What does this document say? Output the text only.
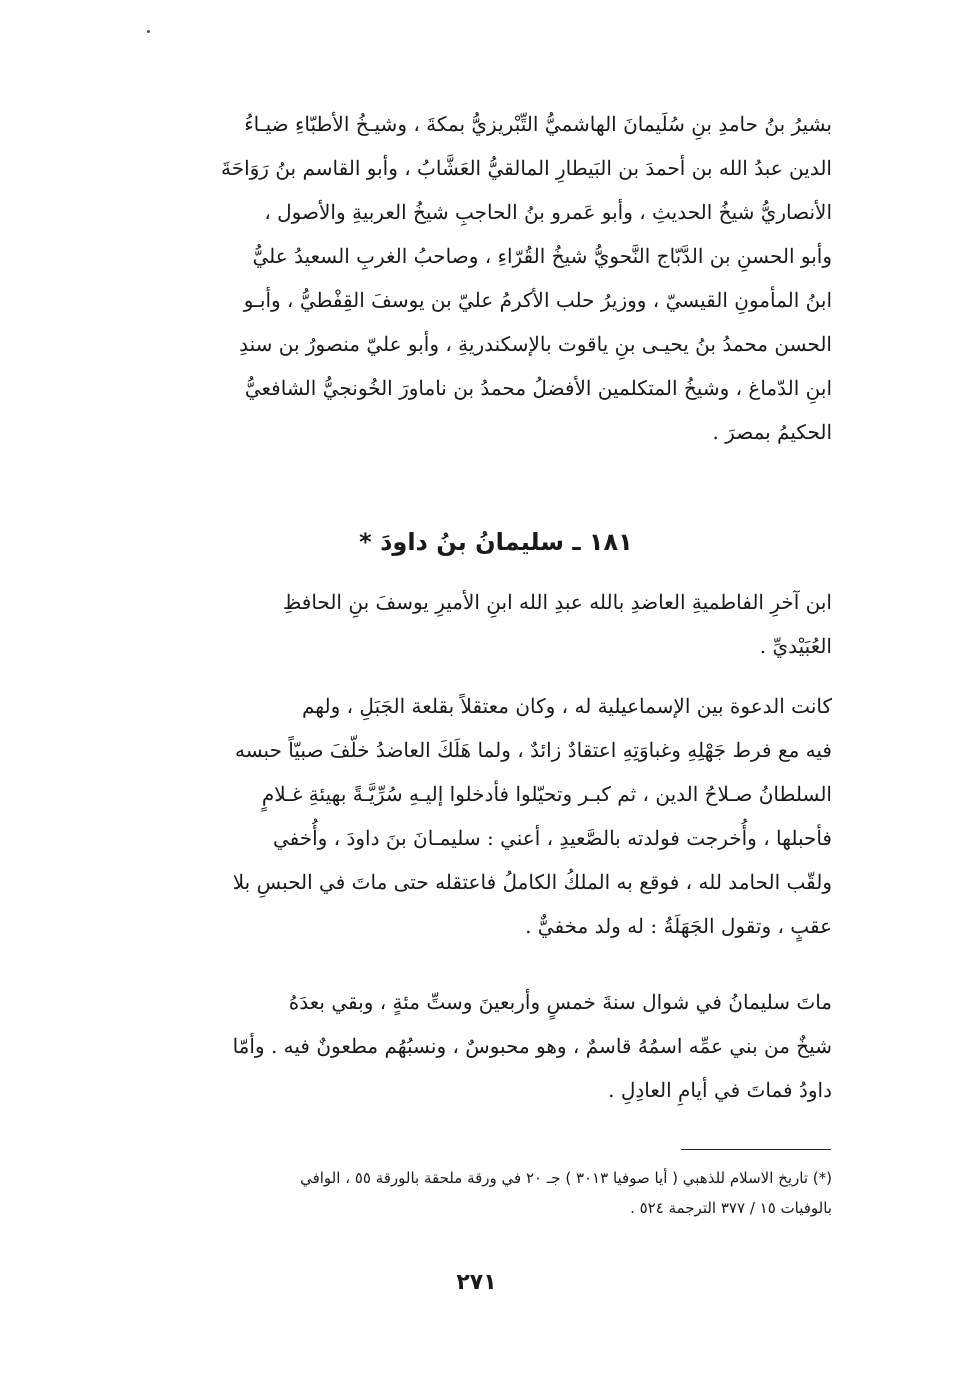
بشيرُ بنُ حامدِ بنِ سُلَيمانَ الهاشميُّ التِّبْريزيُّ بمكةَ ، وشيـخُ الأطبّاءِ ضيـاءُ
الدين عبدُ الله بن أحمدَ بن البَيطارِ المالقيُّ العَشَّابُ ، وأبو القاسم بنُ رَوَاحَةَ
الأنصاريُّ شيخُ الحديثِ ، وأبو عَمرو بنُ الحاجبِ شيخُ العربيةِ والأصول ،
وأبو الحسنِ بن الدَّبّاج النَّحويُّ شيخُ القُرّاءِ ، وصاحبُ الغربِ السعيدُ عليُّ
ابنُ المأمونِ القيسيّ ، ووزيرُ حلب الأكرمُ عليّ بن يوسفَ القِفْطيُّ ، وأبـو
الحسن محمدُ بنُ يحيـى بنِ ياقوت بالإسكندريةِ ، وأبو عليّ منصورُ بن سندِ
ابنِ الدّماغ ، وشيخُ المتكلمين الأفضلُ محمدُ بن ناماورَ الخُونجيُّ الشافعيُّ
الحكيمُ بمصرَ .
١٨١ ـ سليمانُ بنُ داودَ *
ابن آخرِ الفاطميةِ العاضدِ بالله عبدِ الله ابنِ الأميرِ يوسفَ بنِ الحافظِ
العُبَيْديِّ .
كانت الدعوة بين الإسماعيلية له ، وكان معتقلاً بقلعة الجَبَلِ ، ولهم
فيه مع فرط جَهْلِهِ وغباوَتِهِ اعتقادٌ زائدٌ ، ولما هَلَكَ العاضدُ خلّفَ صبيّاً حبسه
السلطانُ صـلاحُ الدين ، ثم كبـر وتحيّلوا فأدخلوا إليـهِ سُرِّيَّـةً بهيئةِ غـلامٍ
فأحبلها ، وأُخرجت فولدته بالصَّعيدِ ، أعني : سليمـانَ بنَ داودَ ، وأُخفي
ولقّب الحامد لله ، فوقع به الملكُ الكاملُ فاعتقله حتى ماتَ في الحبسِ بلا
عقبٍ ، وتقول الجَهَلَةُ : له ولد مخفيٌّ .
ماتَ سليمانُ في شوال سنةَ خمسٍ وأربعينَ وستِّ مئةٍ ، وبقي بعدَهُ
شيخٌ من بني عمِّه اسمُهُ قاسمٌ ، وهو محبوسٌ ، ونسبُهُم مطعونٌ فيه . وأمّا
داودُ فماتَ في أيامِ العادِلِ .
(*) تاريخ الاسلام للذهبي ( أيا صوفيا ٣٠١٣ ) جـ ٢٠ في ورقة ملحقة بالورقة ٥٥ ، الوافي
بالوفيات ١٥ / ٣٧٧ الترجمة ٥٢٤ .
٢٧١
